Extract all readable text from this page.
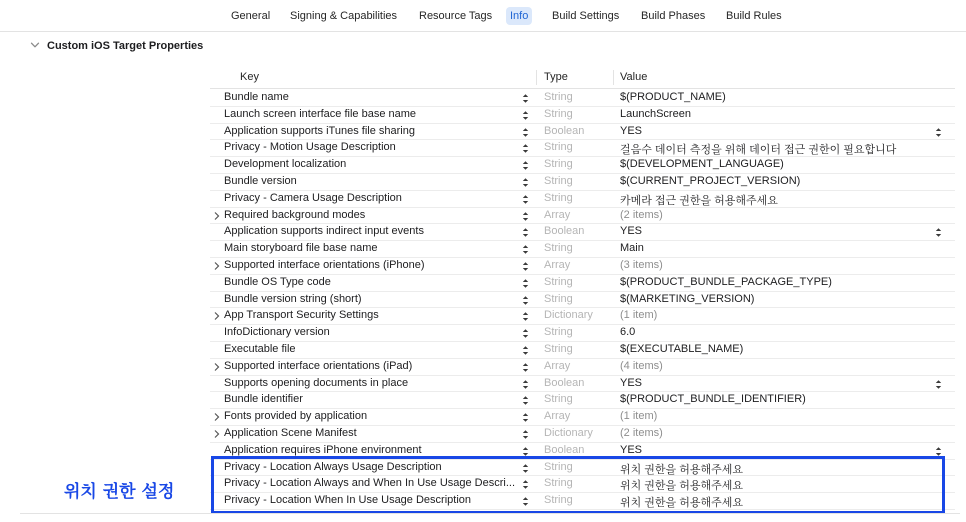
General	Signing & Capabilities	Resource Tags	Info	Build Settings	Build Phases	Build Rules
Custom iOS Target Properties
Key	Type	Value
Bundle name	String	$(PRODUCT_NAME)
Launch screen interface file base name	String	LaunchScreen
Application supports iTunes file sharing	Boolean	YES
Privacy - Motion Usage Description	String	걸음수 데이터 측정을 위해 데이터 접근 권한이 필요합니다
Development localization	String	$(DEVELOPMENT_LANGUAGE)
Bundle version	String	$(CURRENT_PROJECT_VERSION)
Privacy - Camera Usage Description	String	카메라 접근 권한을 허용해주세요
Required background modes	Array	(2 items)
Application supports indirect input events	Boolean	YES
Main storyboard file base name	String	Main
Supported interface orientations (iPhone)	Array	(3 items)
Bundle OS Type code	String	$(PRODUCT_BUNDLE_PACKAGE_TYPE)
Bundle version string (short)	String	$(MARKETING_VERSION)
App Transport Security Settings	Dictionary	(1 item)
InfoDictionary version	String	6.0
Executable file	String	$(EXECUTABLE_NAME)
Supported interface orientations (iPad)	Array	(4 items)
Supports opening documents in place	Boolean	YES
Bundle identifier	String	$(PRODUCT_BUNDLE_IDENTIFIER)
Fonts provided by application	Array	(1 item)
Application Scene Manifest	Dictionary	(2 items)
Application requires iPhone environment	Boolean	YES
Privacy - Location Always Usage Description	String	위치 권한을 허용해주세요
Privacy - Location Always and When In Use Usage Descri...	String	위치 권한을 허용해주세요
Privacy - Location When In Use Usage Description	String	위치 권한을 허용해주세요
위치 권한 설정
